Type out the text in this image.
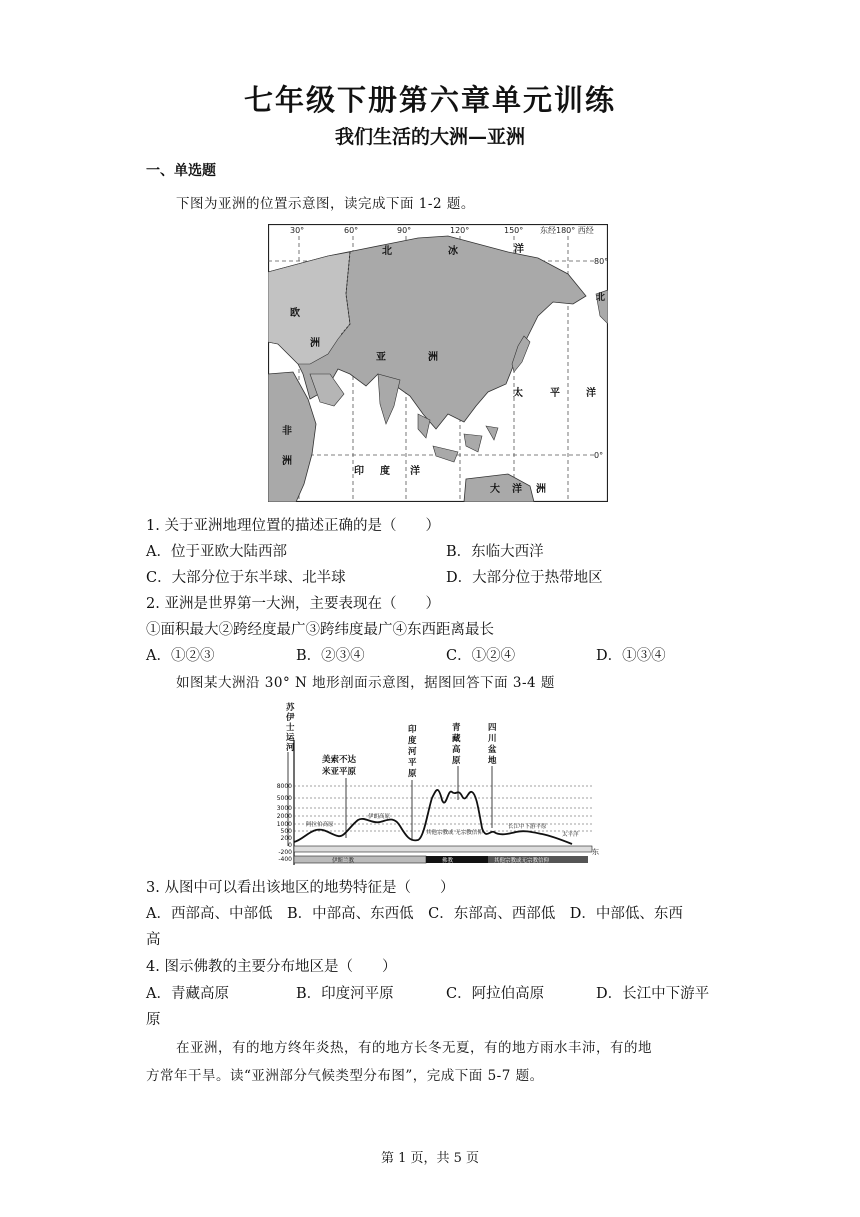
七年级下册第六章单元训练
我们生活的大洲—亚洲
一、单选题
下图为亚洲的位置示意图，读完成下面 1-2 题。
30°	60°	90°	120°	150° 东经180° 西经
80°
0°
北	冰	洋
欧
洲
亚	洲
太	平	洋
非
洲
印 度 洋
大 洋 洲
北
1. 关于亚洲地理位置的描述正确的是（　　）
A．位于亚欧大陆西部	B．东临大西洋
C．大部分位于东半球、北半球	D．大部分位于热带地区
2. 亚洲是世界第一大洲，主要表现在（　　）
①面积最大②跨经度最广③跨纬度最广④东西距离最长
A．①②③	B．②③④	C．①②④	D．①③④
如图某大洲沿 30° N 地形剖面示意图，据图回答下面 3-4 题
苏
伊
士
运
河
美索不达
米亚平原
印
度
河
平
原
青
藏
高
原
四
川
盆
地
8000
5000
3000
2000
1000
500
200
0
-200
-400
阿拉伯高原
伊朗高原
其他宗教或 无宗教信仰
长江中下游平原
太平洋
伊斯兰教	佛教	其他宗教或无宗教信仰
东
3. 从图中可以看出该地区的地势特征是（　　）
A．西部高、中部低　B．中部高、东西低　C．东部高、西部低　D．中部低、东西
高
4. 图示佛教的主要分布地区是（　　）
A．青藏高原	B．印度河平原	C．阿拉伯高原	D．长江中下游平
原
在亚洲，有的地方终年炎热，有的地方长冬无夏，有的地方雨水丰沛，有的地
方常年干旱。读“亚洲部分气候类型分布图”，完成下面 5-7 题。
第 1 页，共 5 页
